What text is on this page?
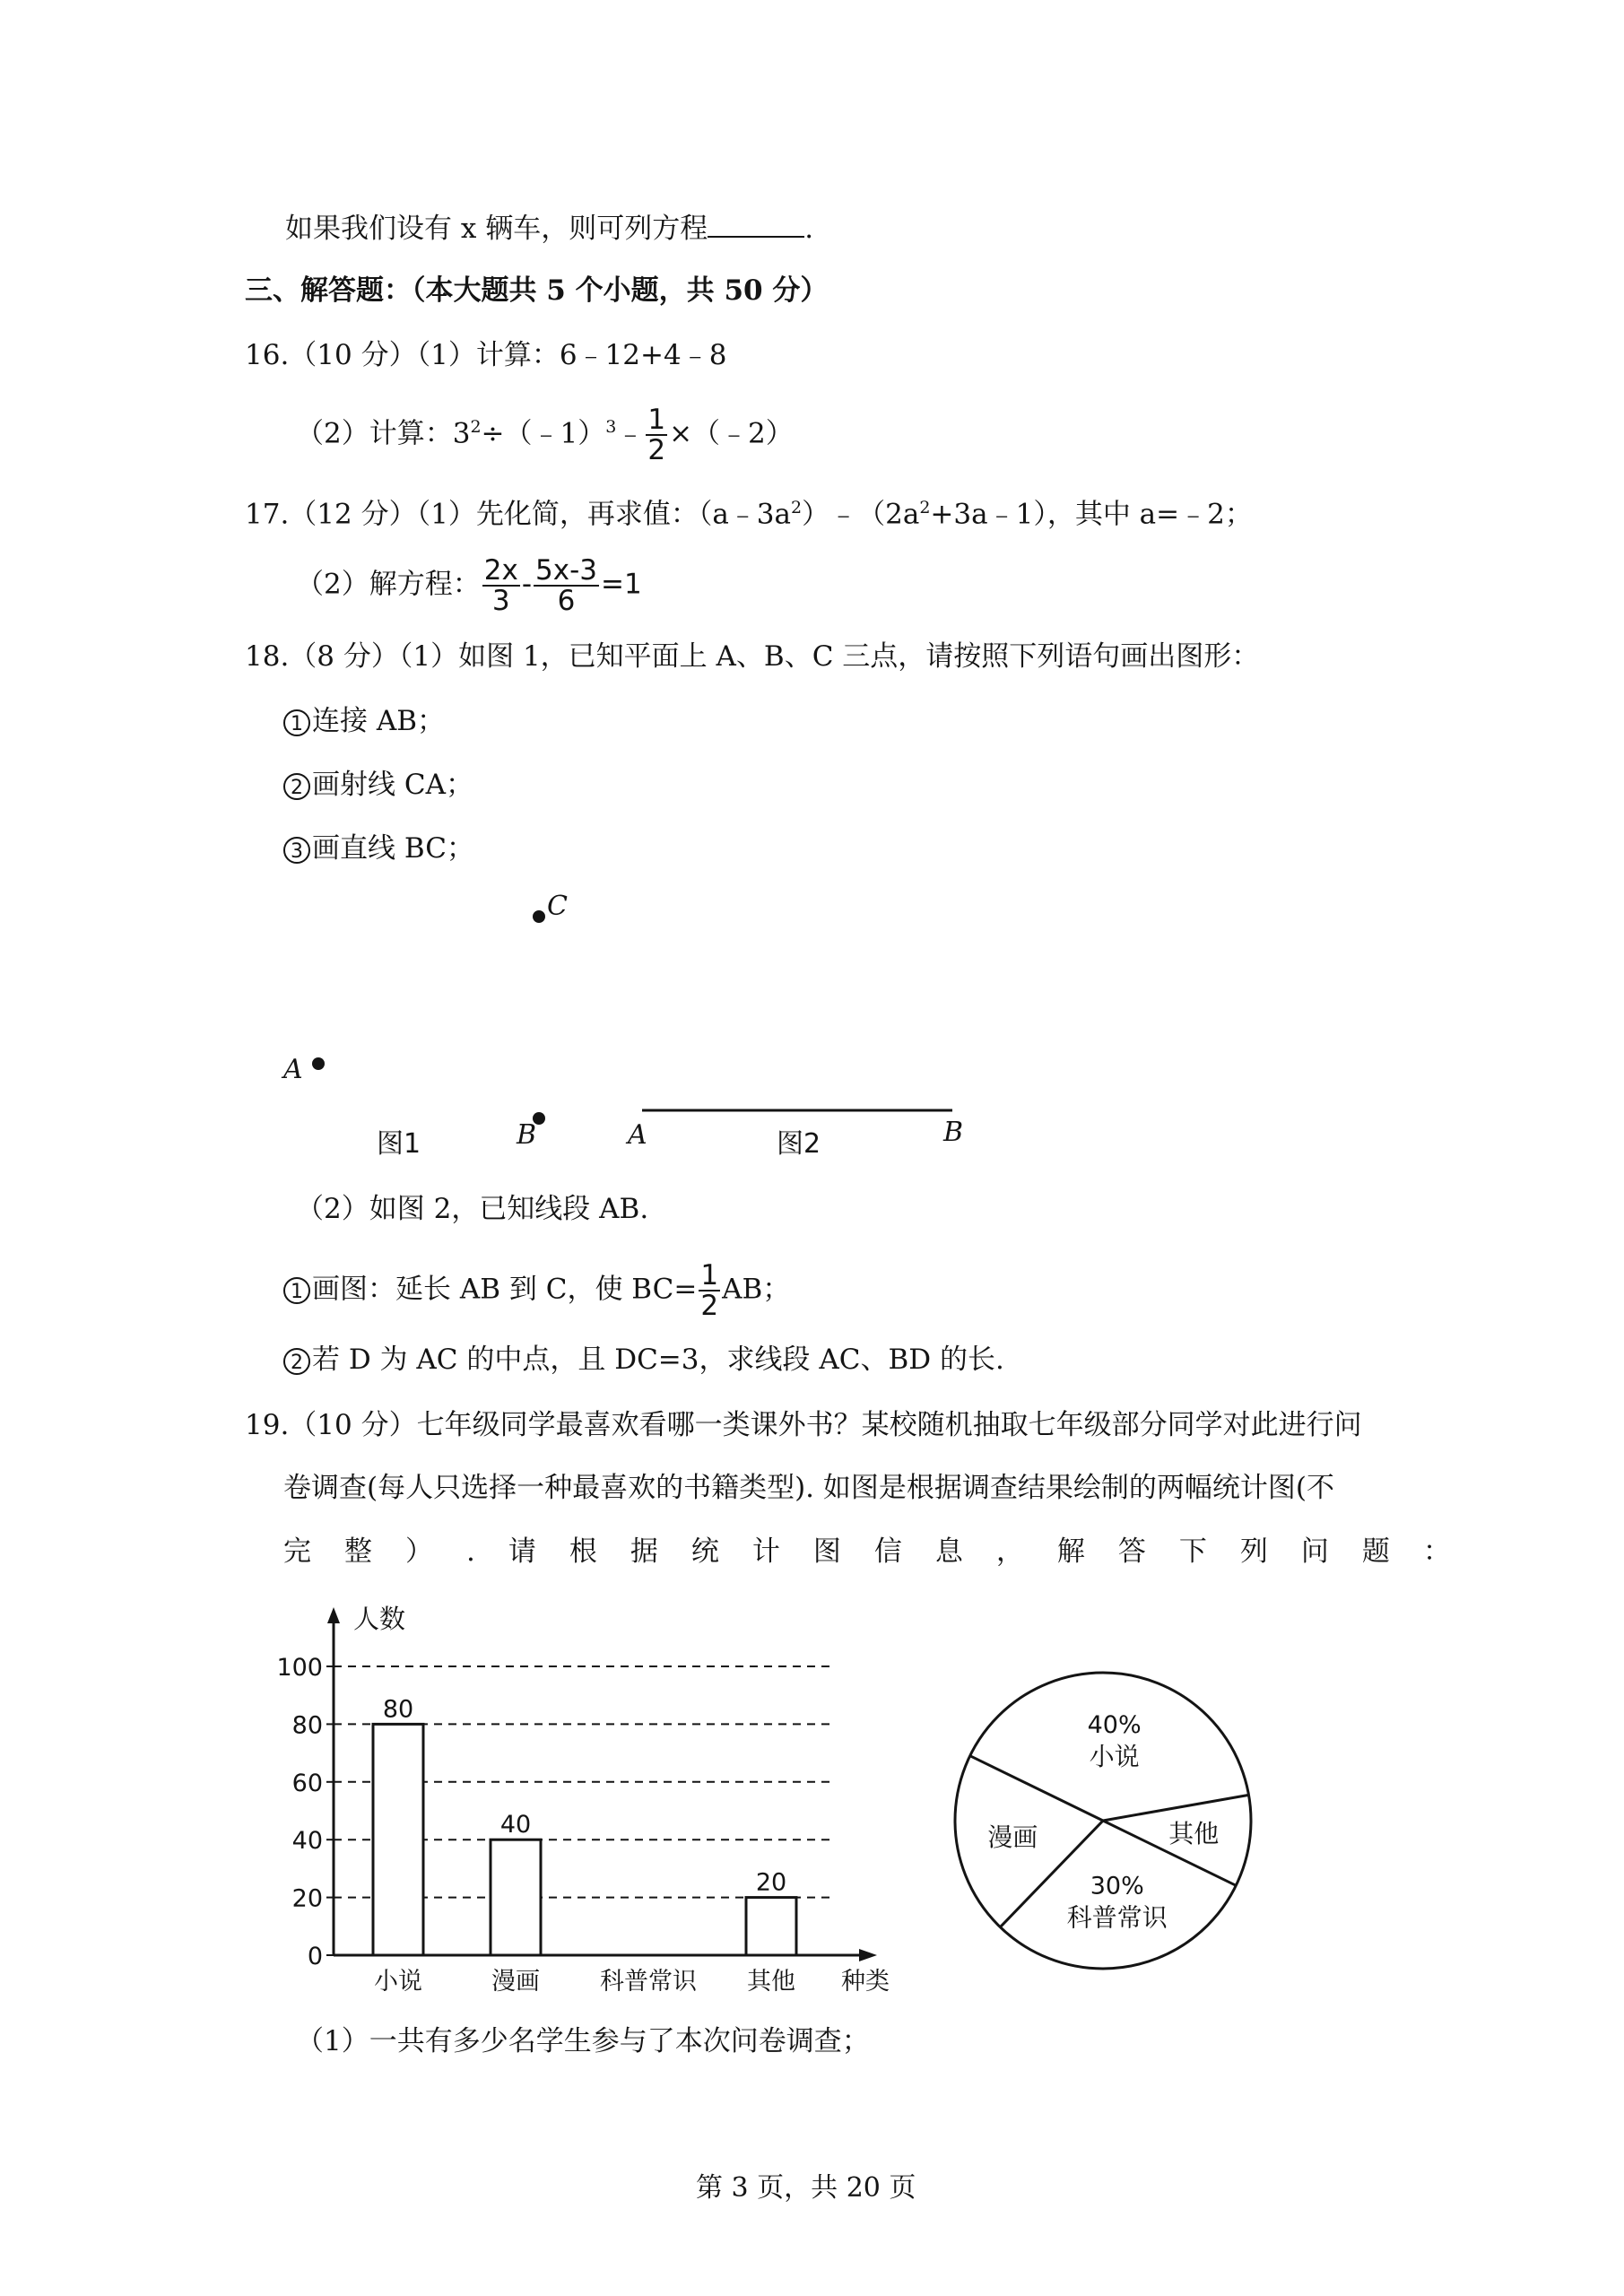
如果我们设有 x 辆车，则可列方程	.
三、解答题：（本大题共 5 个小题，共 50 分）
16.（10 分）（1）计算：6﹣12+4﹣8
（2）计算：$3^2\div(﹣1)^3﹣ \frac{1}{2}$ ×（﹣2）
17.（12 分）（1）先化简，再求值：$(a﹣3a^2)﹣(2a^2+3a﹣1)$，其中 a=﹣2；
（2）解方程： $\frac{2x}{3} - \frac{5x-3}{6} =1$
18.（8 分）（1）如图 1，已知平面上 A、B、C 三点，请按照下列语句画出图形：
1 连接 AB；
2 画射线 CA；
3 画直线 BC；
C
A
B
图1	A	图2	B
（2）如图 2，已知线段 AB.
1 画图：延长 AB 到 C，使 $BC= \frac{1}{2}$ AB；
2 若 D 为 AC 的中点，且 DC=3，求线段 AC、BD 的长.
19.（10 分）七年级同学最喜欢看哪一类课外书？某校随机抽取七年级部分同学对此进行问
卷调查(每人只选择一种最喜欢的书籍类型). 如图是根据调查结果绘制的两幅统计图(不
完 整 ） . 请 根 据 统 计 图 信 息 ， 解 答 下 列 问 题 ：
人数
种类
0
20
40
60
80
100
80
小说
40
漫画 科普常识
20
其他
40%
小说
其他
30%
科普常识
漫画
（1）一共有多少名学生参与了本次问卷调查；
第 3 页，共 20 页
